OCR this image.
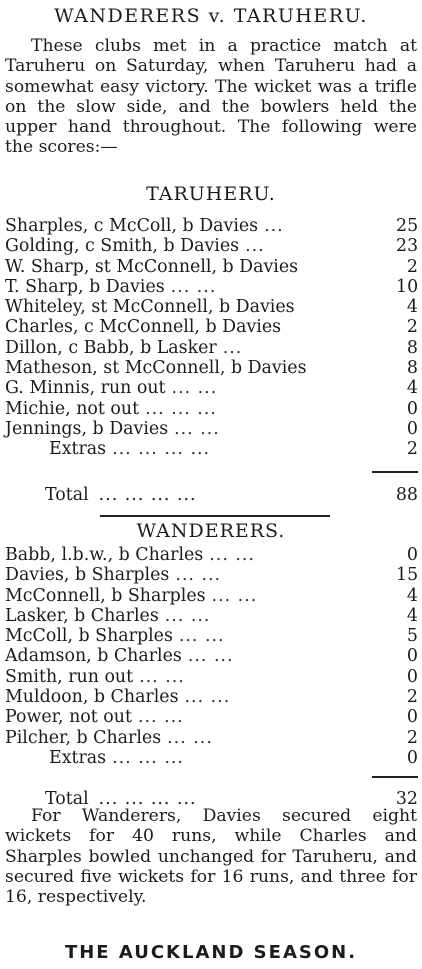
WANDERERS v. TARUHERU.
These clubs met in a practice match at Taruheru on Saturday, when Taruheru had a somewhat easy victory. The wicket was a trifle on the slow side, and the bowlers held the upper hand throughout. The following were the scores:—
TARUHERU.
Sharples, c McColl, b Davies ...	25
Golding, c Smith, b Davies ...	23
W. Sharp, st McConnell, b Davies	2
T. Sharp, b Davies ... ...	10
Whiteley, st McConnell, b Davies	4
Charles, c McConnell, b Davies	2
Dillon, c Babb, b Lasker ...	8
Matheson, st McConnell, b Davies	8
G. Minnis, run out ... ...	4
Michie, not out ... ... ...	0
Jennings, b Davies ... ...	0
Extras ... ... ... ...	2
Total ... ... ... ...	88
WANDERERS.
Babb, l.b.w., b Charles ... ...	0
Davies, b Sharples ... ...	15
McConnell, b Sharples ... ...	4
Lasker, b Charles ... ...	4
McColl, b Sharples ... ...	5
Adamson, b Charles ... ...	0
Smith, run out ... ...	0
Muldoon, b Charles ... ...	2
Power, not out ... ...	0
Pilcher, b Charles ... ...	2
Extras ... ... ...	0
Total ... ... ... ...	32
For Wanderers, Davies secured eight wickets for 40 runs, while Charles and Sharples bowled unchanged for Taruheru, and secured five wickets for 16 runs, and three for 16, respectively.
THE AUCKLAND SEASON.
